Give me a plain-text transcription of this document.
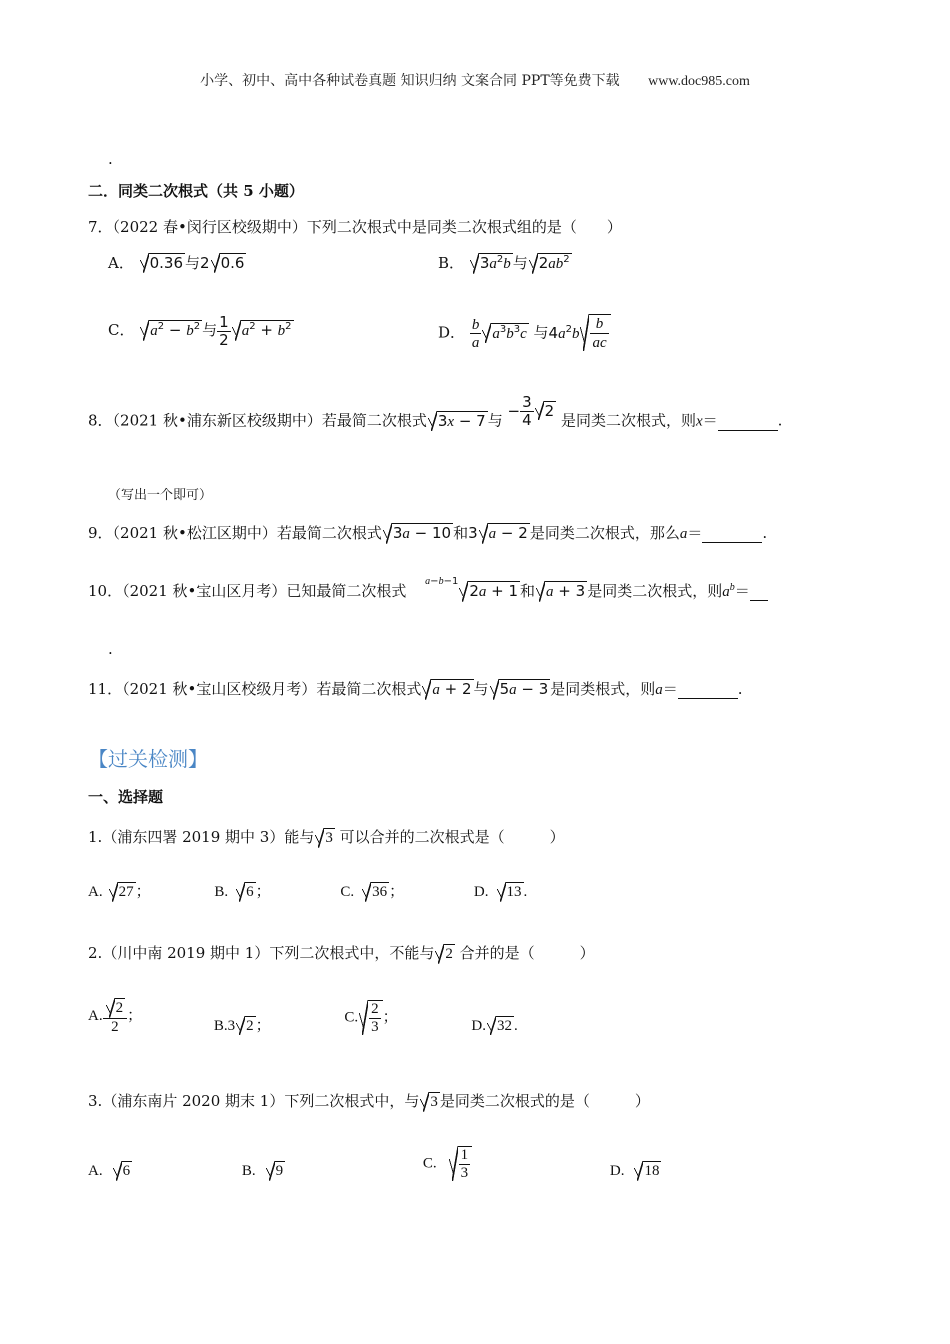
小学、初中、高中各种试卷真题 知识归纳 文案合同 PPT等免费下载 www.doc985.com
.
二．同类二次根式（共 5 小题）
7．（2022 春•闵行区校级期中）下列二次根式中是同类二次根式组的是（　　）
A． 0.36 与2 0.6	B． $3a^2b$ 与 $2ab^2$
C． $a^2 - b^2$ 与 $\frac{1}{2} a^2 + b^2$	D． $\frac{b}{a} a^3b^3c$ 与$4a^2b \frac{b}{ac}$
8．（2021 秋•浦东新区校级期中）若最简二次根式 3x − 7 与 − $\frac{3}{4} 2$ 是同类二次根式，则x＝	.
（写出一个即可）
9．（2021 秋•松江区期中）若最简二次根式 3a − 10 和3 a − 2 是同类二次根式，那么a＝	.
10．（2021 秋•宝山区月考）已知最简二次根式 $^{a-b-1}$2a + 1 和 a + 3 是同类二次根式，则$a^b=$
.
11．（2021 秋•宝山区校级月考）若最简二次根式 a + 2 与 5a − 3 是同类根式，则a＝	.
【过关检测】
一、选择题
1.（浦东四署 2019 期中 3）能与 3 可以合并的二次根式是（　　　）
A. 27 ；	B. 6 ；	C. 36 ；	D. 13 .
2.（川中南 2019 期中 1）下列二次根式中，不能与 2 合并的是（　　　）
A. $\frac{2}{2}$ ； B.3 2 ；	C. $\frac{2}{3}$ ；	D. 32 .
3.（浦东南片 2020 期末 1）下列二次根式中，与 3 是同类二次根式的是（　　　）
A. 6	B. 9	C. $\frac{1}{3}$	D. 18
